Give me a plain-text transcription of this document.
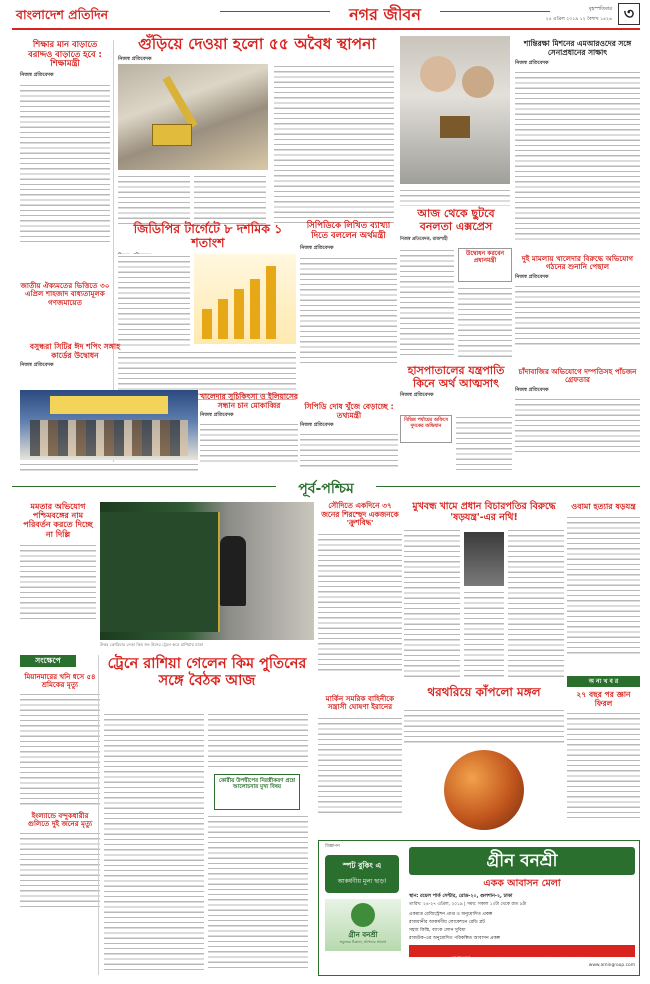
বাংলাদেশ প্রতিদিন	নগর জীবন	বৃহস্পতিবার
২৫ এপ্রিল ২০১৯ ১২ বৈশাখ ১৪২৬ ৩
শিক্ষার মান বাড়াতে বরাদ্দও বাড়াতে হবে : শিক্ষামন্ত্রী
নিজস্ব প্রতিবেদক
গুঁড়িয়ে দেওয়া হলো ৫৫ অবৈধ স্থাপনা
নিজস্ব প্রতিবেদক
শান্তিরক্ষা মিশনের এমআরওদের সঙ্গে সেনাপ্রধানের সাক্ষাৎ
নিজস্ব প্রতিবেদক
জাতীয় ঐক্যমতের ভিত্তিতে ৩০ এপ্রিল শাহজাদ বাধ্যতামূলক গণজমায়েত
জিডিপির টার্গেটে ৮ দশমিক ১ শতাংশ
সিপিডিকে লিখিত ব্যাখ্যা দিতে বললেন অর্থমন্ত্রী
নিজস্ব প্রতিবেদক
আজ থেকে ছুটবে বনলতা এক্সপ্রেস
নিজস্ব প্রতিবেদক, রাজশাহী
উদ্বোধন করবেন প্রধানমন্ত্রী	দুই মামলায় খালেদার বিরুদ্ধে অভিযোগ গঠনের শুনানি পেছাল
নিজস্ব প্রতিবেদক
বসুন্ধরা সিটির ঈদ শপিং সঙ্গাহ কার্ডের উদ্বোধন
নিজস্ব প্রতিবেদক
খালেদার সুচিকিৎসা ও ইলিয়াসের সন্ধান চান মোকাব্বির
নিজস্ব প্রতিবেদক
সিপিডি দোষ খুঁজে বেড়াচ্ছে : তথ্যমন্ত্রী
নিজস্ব প্রতিবেদক
হাসপাতালের যন্ত্রপাতি কিনে অর্থ আত্মসাৎ
নিজস্ব প্রতিবেদক
বিভিন্ন পর্যায়ের অফিসে দুদকের অভিযান
চাঁদাবাজির অভিযোগে দম্পতিসহ পাঁচজন গ্রেফতার
নিজস্ব প্রতিবেদক
পূর্ব-পশ্চিম
মমতার অভিযোগ পশ্চিমবঙ্গের নাম পরিবর্তন করতে দিচ্ছে না দিল্লি
উত্তর কোরিয়ার নেতা কিম জং উনের ট্রেনে করে রাশিয়ায় যাত্রা
সংক্ষেপে
মিয়ানমারের খনি ধসে ৫৪ শ্রমিকের মৃত্যু
ইংল্যান্ডে বন্দুকধারীর গুলিতে দুই জনের মৃত্যু
ট্রেনে রাশিয়া গেলেন কিম পুতিনের সঙ্গে বৈঠক আজ
কোরীয় উপদ্বীপের নিরস্ত্রীকরণ প্রশ্নে আলোচনার মুখ্য বিষয়
সৌদিতে একদিনে ৩৭ জনের শিরশ্ছেদ একজনকে 'ক্রুশবিদ্ধ'
মুখবন্ধ খামে প্রধান বিচারপতির বিরুদ্ধে 'ষড়যন্ত্র'-এর নথি!
ওবামা হত্যার ষড়যন্ত্র
মার্কিন সমরিক বাহিনীকে সন্ত্রাসী ঘোষণা ইরানের
থরথরিয়ে কাঁপলো মঙ্গল
অ ন্য খ ব র
২৭ বছর পর জ্ঞান ফিরল
বিজ্ঞাপন
স্পট বুকিং এ
আকর্ষণীয় মূল্য ছাড়!
গ্রীন বনশ্রী
একক আবাসন মেলা
স্থান: রয়েল পার্ক সেন্টার, রোড-২০, গুলশান-২, ঢাকা
তারিখ: ২৪-২৭ এপ্রিল, ২০১৯ | সময়: সকাল ১০টা থেকে রাত ৯টা
গ্রীন বনশ্রী
সবুজের ঠিকানা, আপনার আবাস
একমাত্র রেজিস্ট্রেশন প্রাপ্ত ও অনুমোদিত প্রকল্প
রাজধানীর আকর্ষণীয় লোকেশনে রেডি প্লট
সহজ কিস্তি, ব্যাংক লোন সুবিধা
রাজউক-এর অনুমোদিত পরিকল্পিত আবাসন প্রকল্প
যোগাযোগ: ০১৭০০-৭০৭৭২২, ০১৮৪৪-৪৮০১৫৭, ০১৮৭৭-১৮৭৫৭৩
www.amingroup.com
